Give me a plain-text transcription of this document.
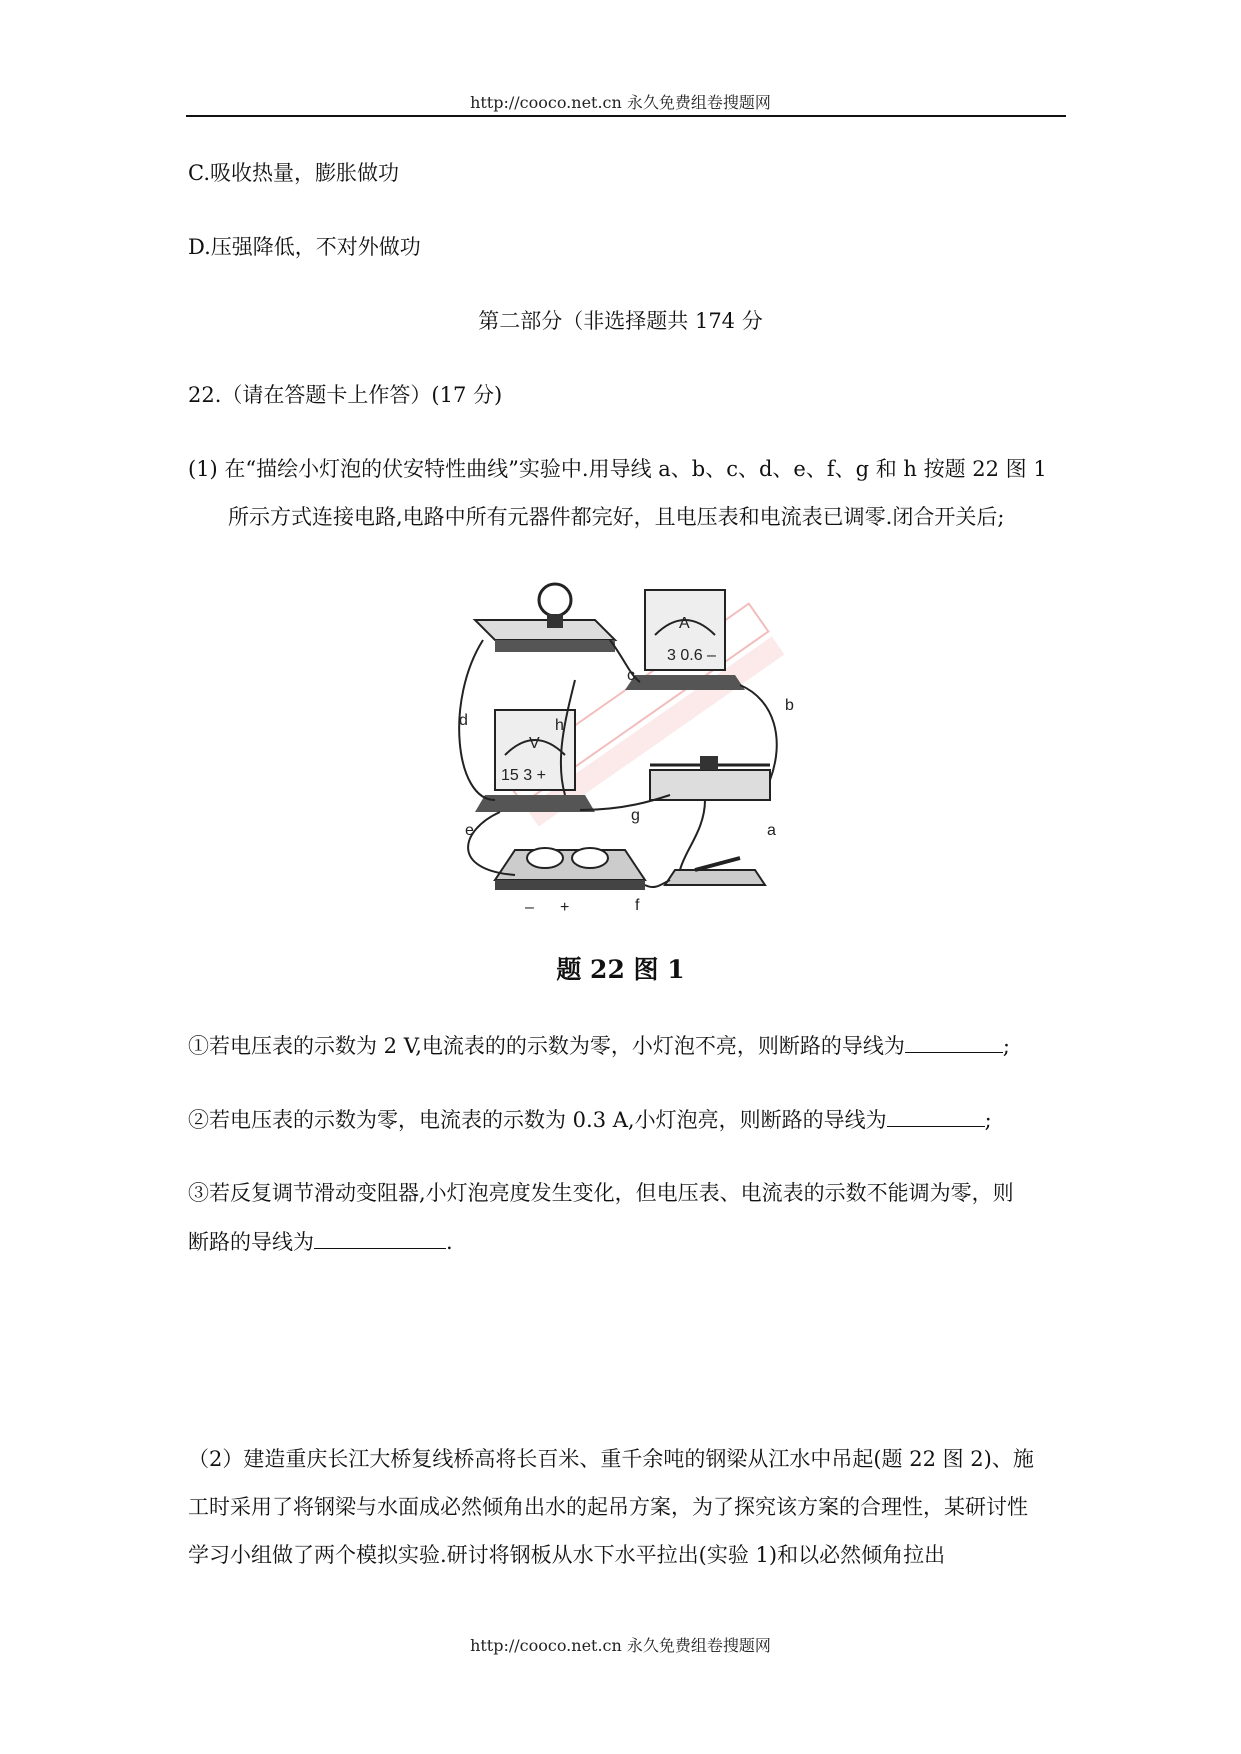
http://cooco.net.cn 永久免费组卷搜题网
C.吸收热量，膨胀做功
D.压强降低，不对外做功
第二部分（非选择题共 174 分
22.（请在答题卡上作答）(17 分)
(1) 在“描绘小灯泡的伏安特性曲线”实验中.用导线 a、b、c、d、e、f、g 和 h 按题 22 图 1
所示方式连接电路,电路中所有元器件都完好，且电压表和电流表已调零.闭合开关后;
3 0.6 –
A
15 3 +
V
– +
d	h
c
b
e
g
a
f
题 22 图 1
①若电压表的示数为 2 V,电流表的的示数为零，小灯泡不亮，则断路的导线为	;
②若电压表的示数为零，电流表的示数为 0.3 A,小灯泡亮，则断路的导线为	;
③若反复调节滑动变阻器,小灯泡亮度发生变化，但电压表、电流表的示数不能调为零，则
断路的导线为	.
（2）建造重庆长江大桥复线桥高将长百米、重千余吨的钢梁从江水中吊起(题 22 图 2)、施
工时采用了将钢梁与水面成必然倾角出水的起吊方案，为了探究该方案的合理性，某研讨性
学习小组做了两个模拟实验.研讨将钢板从水下水平拉出(实验 1)和以必然倾角拉出
http://cooco.net.cn 永久免费组卷搜题网
